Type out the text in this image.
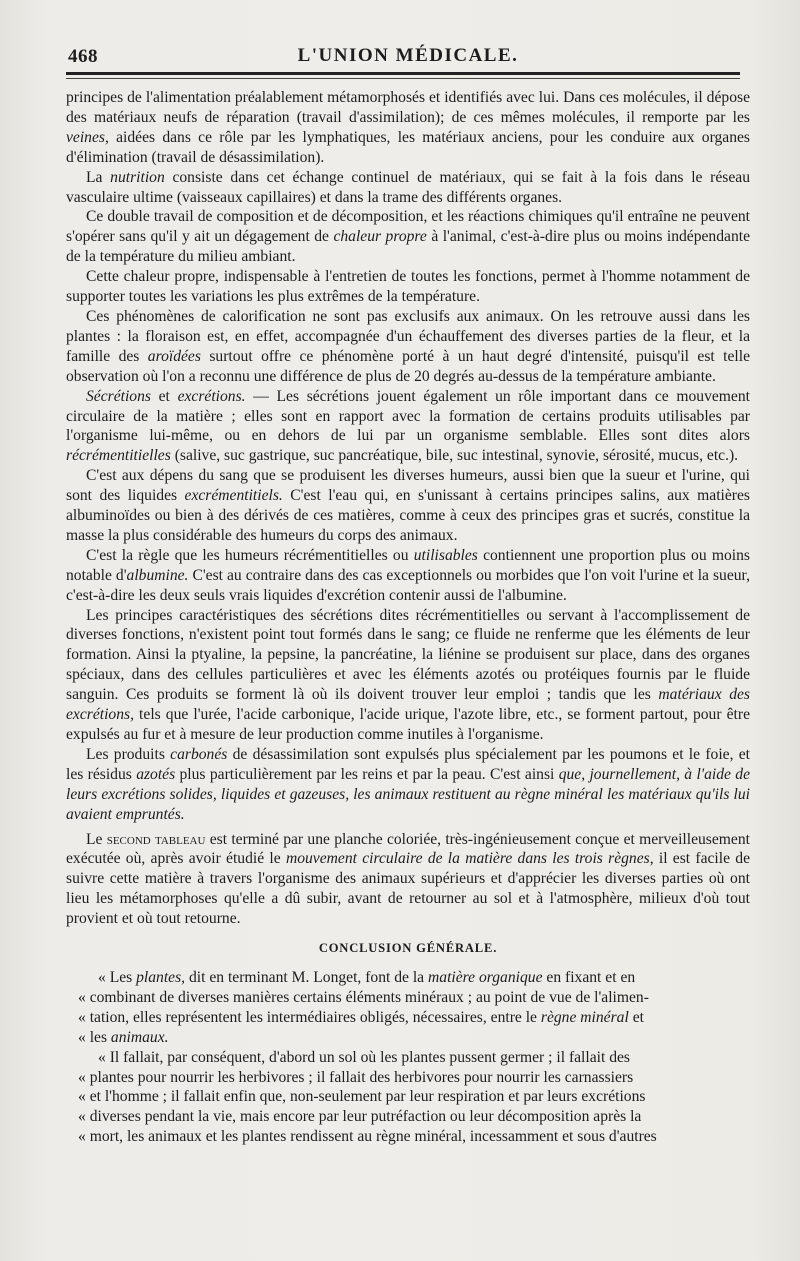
468	L'UNION MÉDICALE.

principes de l'alimentation préalablement métamorphosés et identifiés avec lui. Dans ces molécules, il dépose des matériaux neufs de réparation (travail d'assimilation); de ces mêmes molécules, il remporte par les veines, aidées dans ce rôle par les lymphatiques, les matériaux anciens, pour les conduire aux organes d'élimination (travail de désassimilation).

La nutrition consiste dans cet échange continuel de matériaux, qui se fait à la fois dans le réseau vasculaire ultime (vaisseaux capillaires) et dans la trame des différents organes.

Ce double travail de composition et de décomposition, et les réactions chimiques qu'il entraîne ne peuvent s'opérer sans qu'il y ait un dégagement de chaleur propre à l'animal, c'est-à-dire plus ou moins indépendante de la température du milieu ambiant.

Cette chaleur propre, indispensable à l'entretien de toutes les fonctions, permet à l'homme notamment de supporter toutes les variations les plus extrêmes de la température.

Ces phénomènes de calorification ne sont pas exclusifs aux animaux. On les retrouve aussi dans les plantes : la floraison est, en effet, accompagnée d'un échauffement des diverses parties de la fleur, et la famille des aroïdées surtout offre ce phénomène porté à un haut degré d'intensité, puisqu'il est telle observation où l'on a reconnu une différence de plus de 20 degrés au-dessus de la température ambiante.

Sécrétions et excrétions. — Les sécrétions jouent également un rôle important dans ce mouvement circulaire de la matière ; elles sont en rapport avec la formation de certains produits utilisables par l'organisme lui-même, ou en dehors de lui par un organisme semblable. Elles sont dites alors récrémentitielles (salive, suc gastrique, suc pancréatique, bile, suc intestinal, synovie, sérosité, mucus, etc.).

C'est aux dépens du sang que se produisent les diverses humeurs, aussi bien que la sueur et l'urine, qui sont des liquides excrémentitiels. C'est l'eau qui, en s'unissant à certains principes salins, aux matières albuminoïdes ou bien à des dérivés de ces matières, comme à ceux des principes gras et sucrés, constitue la masse la plus considérable des humeurs du corps des animaux.

C'est la règle que les humeurs récrémentitielles ou utilisables contiennent une proportion plus ou moins notable d'albumine. C'est au contraire dans des cas exceptionnels ou morbides que l'on voit l'urine et la sueur, c'est-à-dire les deux seuls vrais liquides d'excrétion contenir aussi de l'albumine.

Les principes caractéristiques des sécrétions dites récrémentitielles ou servant à l'accomplissement de diverses fonctions, n'existent point tout formés dans le sang; ce fluide ne renferme que les éléments de leur formation. Ainsi la ptyaline, la pepsine, la pancréatine, la liénine se produisent sur place, dans des organes spéciaux, dans des cellules particulières et avec les éléments azotés ou protéiques fournis par le fluide sanguin. Ces produits se forment là où ils doivent trouver leur emploi ; tandis que les matériaux des excrétions, tels que l'urée, l'acide carbonique, l'acide urique, l'azote libre, etc., se forment partout, pour être expulsés au fur et à mesure de leur production comme inutiles à l'organisme.

Les produits carbonés de désassimilation sont expulsés plus spécialement par les poumons et le foie, et les résidus azotés plus particulièrement par les reins et par la peau. C'est ainsi que, journellement, à l'aide de leurs excrétions solides, liquides et gazeuses, les animaux restituent au règne minéral les matériaux qu'ils lui avaient empruntés.

Le second tableau est terminé par une planche coloriée, très-ingénieusement conçue et merveilleusement exécutée où, après avoir étudié le mouvement circulaire de la matière dans les trois règnes, il est facile de suivre cette matière à travers l'organisme des animaux supérieurs et d'apprécier les diverses parties où ont lieu les métamorphoses qu'elle a dû subir, avant de retourner au sol et à l'atmosphère, milieux d'où tout provient et où tout retourne.

CONCLUSION GÉNÉRALE.

« Les plantes, dit en terminant M. Longet, font de la matière organique en fixant et en

« combinant de diverses manières certains éléments minéraux ; au point de vue de l'alimen-

« tation, elles représentent les intermédiaires obligés, nécessaires, entre le règne minéral et

« les animaux.

« Il fallait, par conséquent, d'abord un sol où les plantes pussent germer ; il fallait des

« plantes pour nourrir les herbivores ; il fallait des herbivores pour nourrir les carnassiers

« et l'homme ; il fallait enfin que, non-seulement par leur respiration et par leurs excrétions

« diverses pendant la vie, mais encore par leur putréfaction ou leur décomposition après la

« mort, les animaux et les plantes rendissent au règne minéral, incessamment et sous d'autres
